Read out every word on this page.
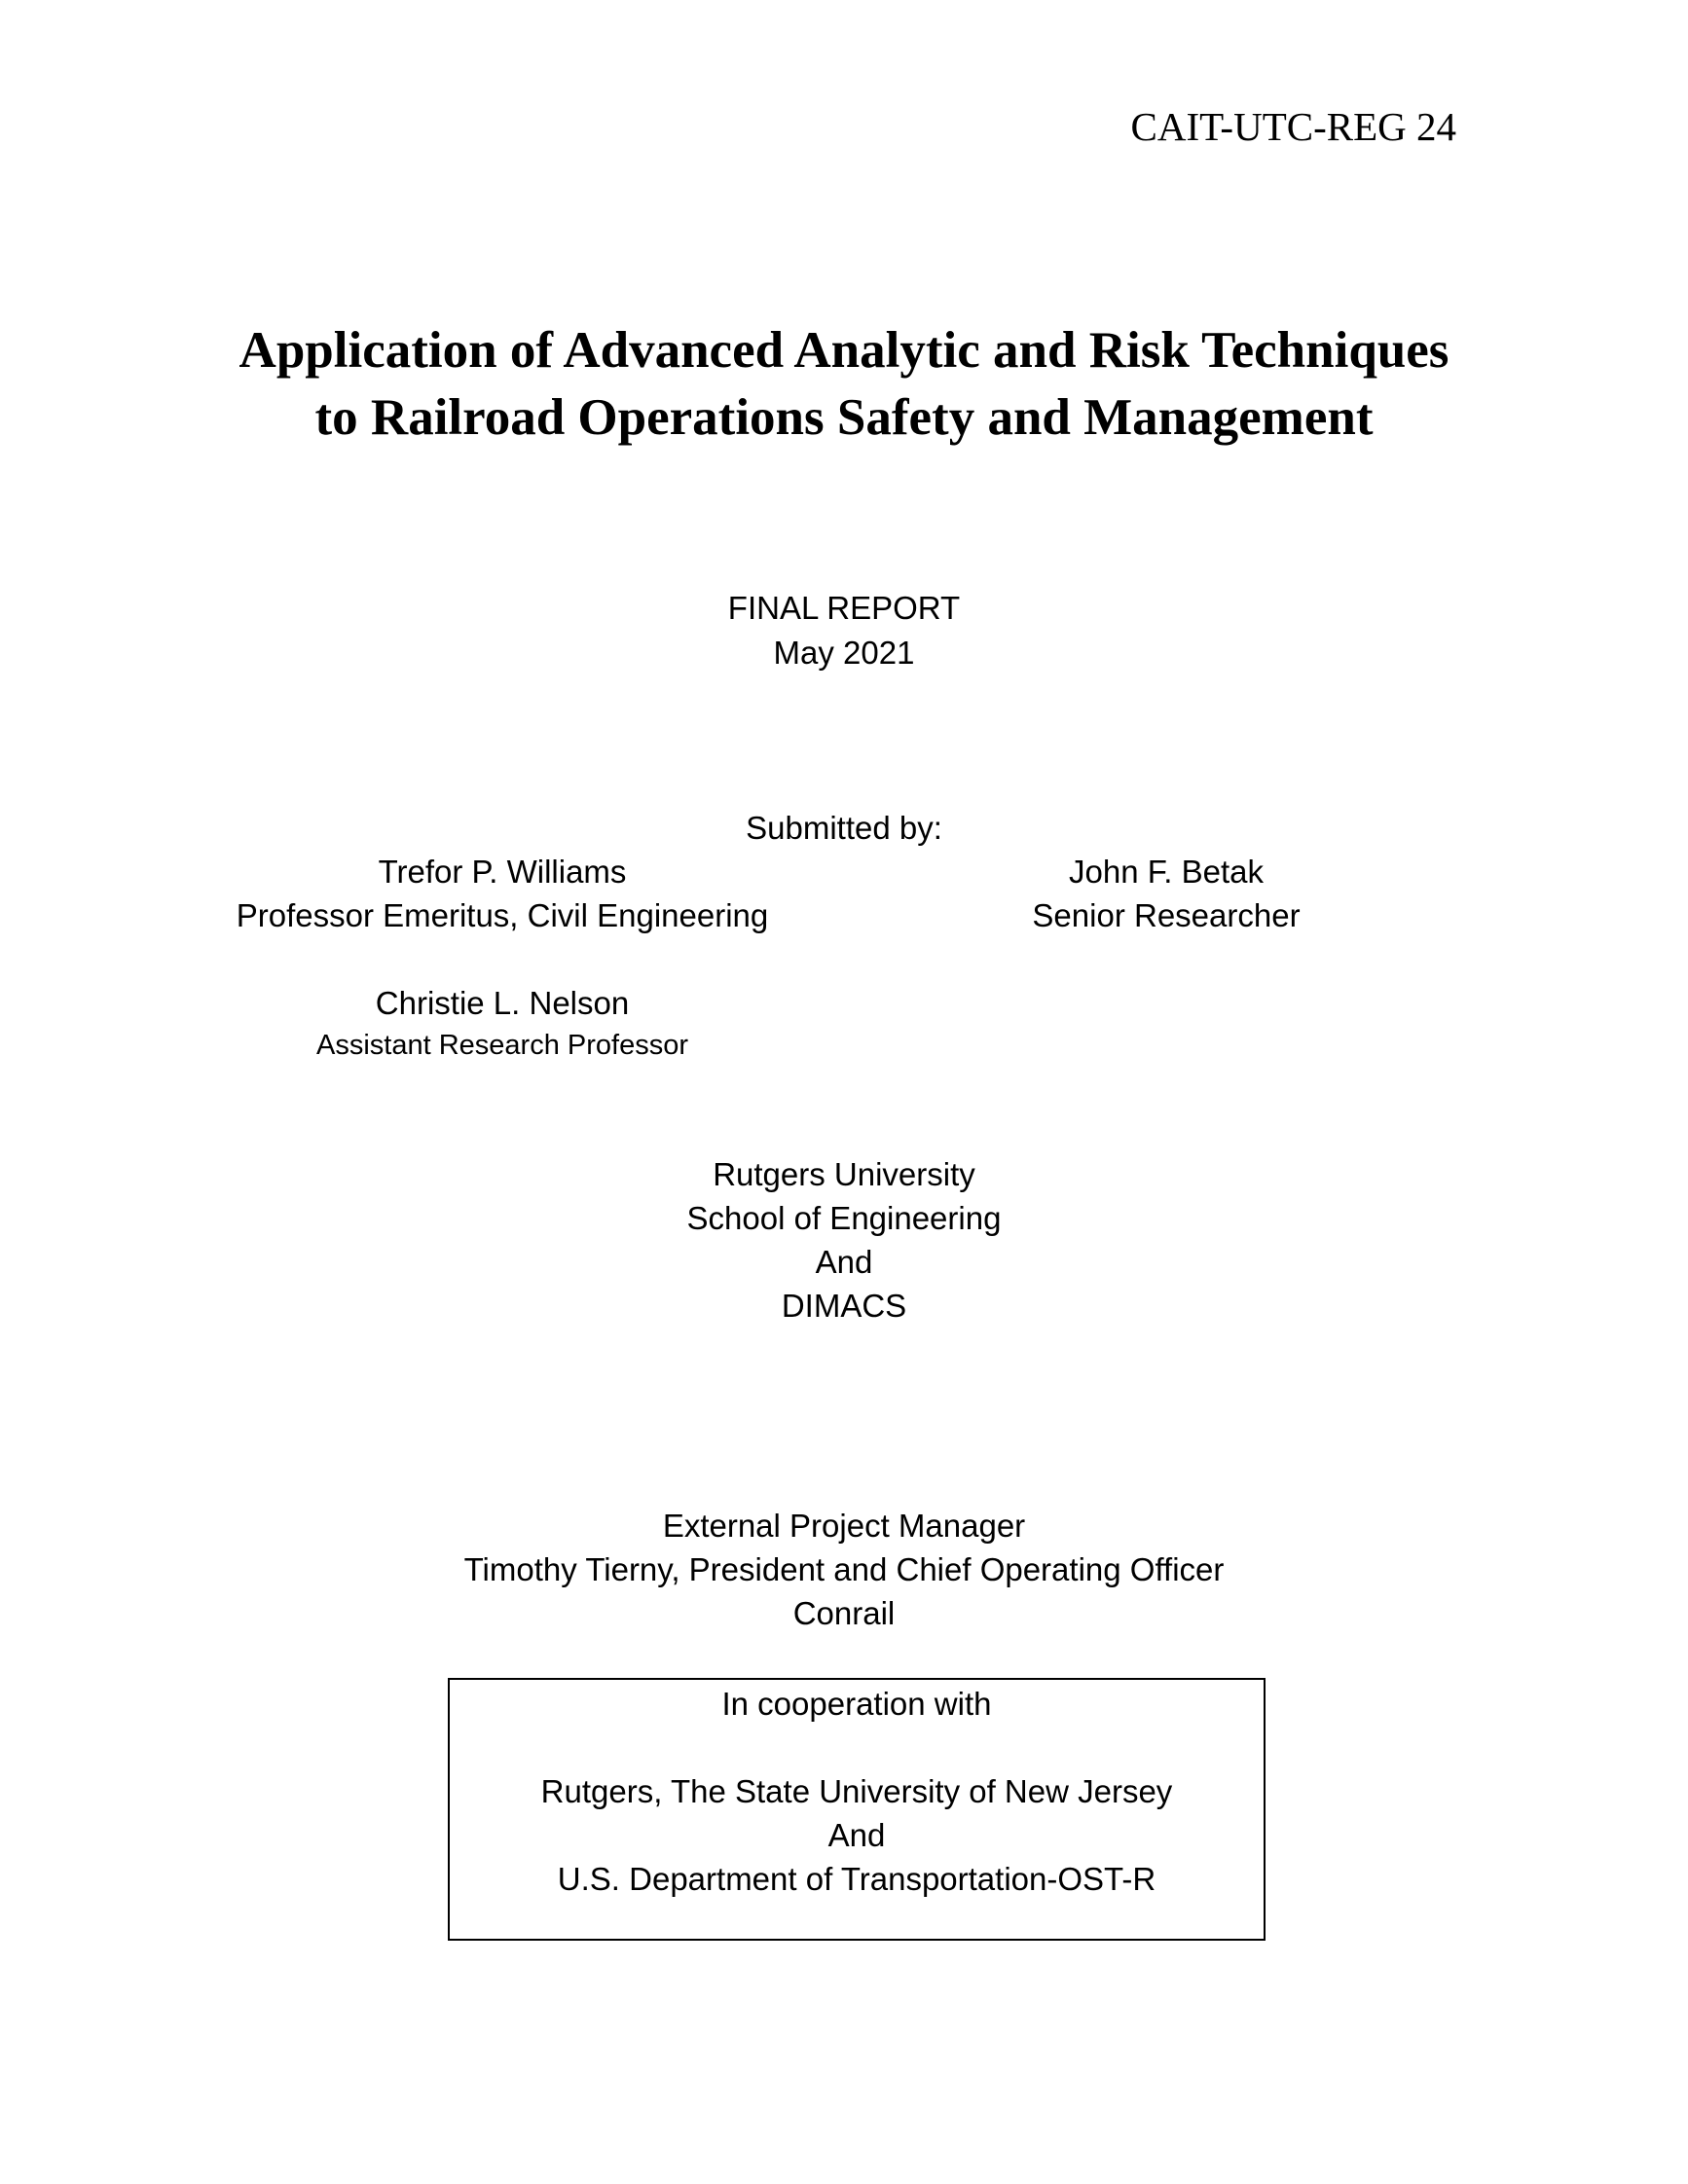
CAIT-UTC-REG 24
Application of Advanced Analytic and Risk Techniques
to Railroad Operations Safety and Management
FINAL REPORT
May 2021
Submitted by:
Trefor P. Williams
Professor Emeritus, Civil Engineering
John F. Betak
Senior Researcher
Christie L. Nelson
Assistant Research Professor
Rutgers University
School of Engineering
And
DIMACS
External Project Manager
Timothy Tierny, President and Chief Operating Officer
Conrail
In cooperation with
Rutgers, The State University of New Jersey
And
U.S. Department of Transportation-OST-R
